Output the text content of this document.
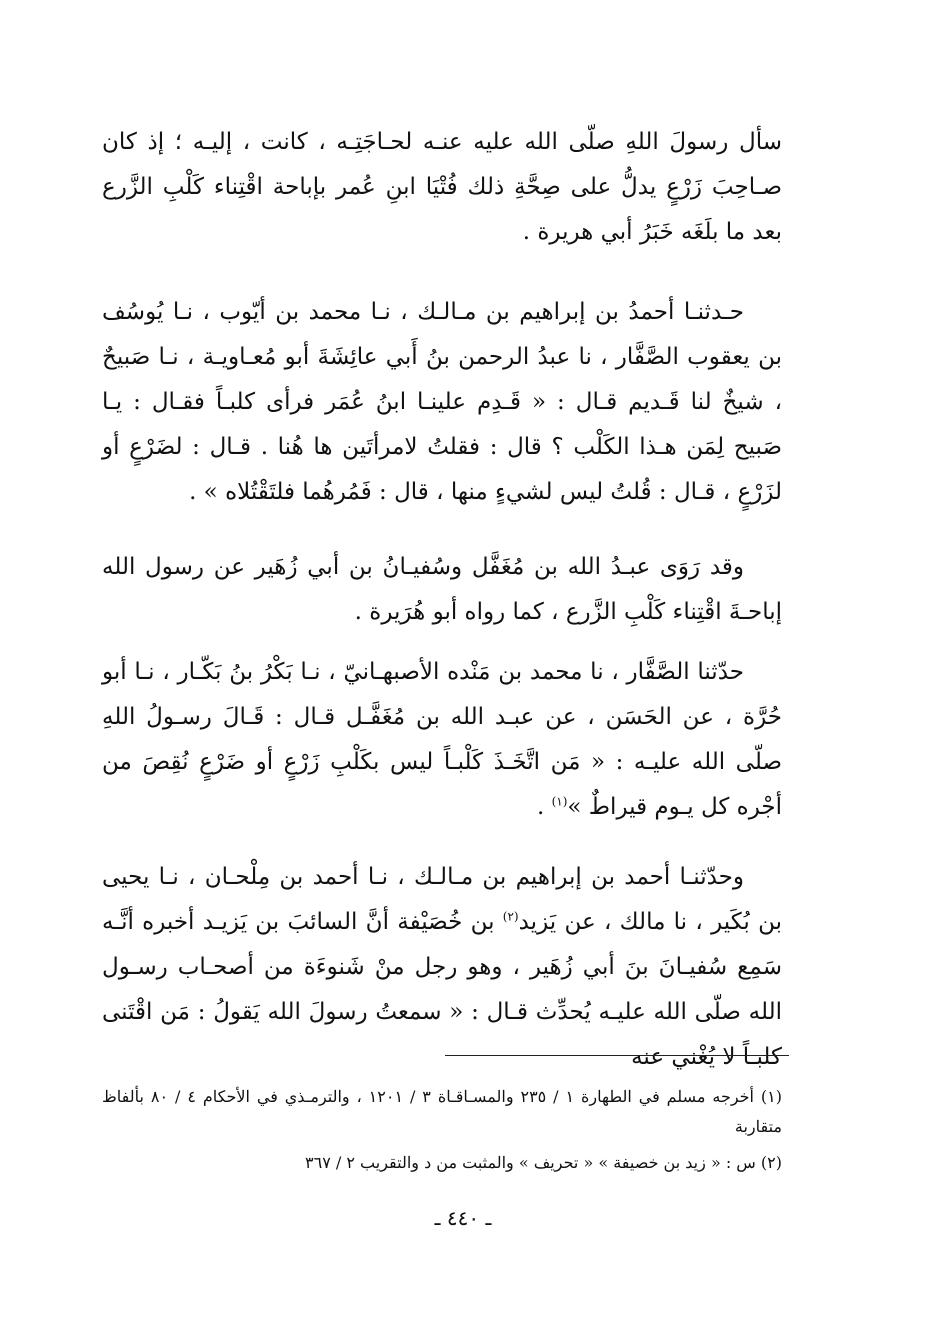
سأل رسولَ اللهِ صلّى الله عليه عنـه لحـاجَتِـه ، كانت ، إليـه ؛ إذ كان صـاحِبَ زَرْعٍ يدلُّ على صِحَّةِ ذلك فُتْيَا ابنِ عُمر بإباحة اقْتِناء كَلْبِ الزَّرع بعد ما بلَغَه خَبَرُ أبي هريرة .

حـدثنـا أحمدُ بن إبراهيم بن مـالـك ، نـا محمد بن أيّوب ، نـا يُوسُف بن يعقوب الصَّفَّار ، نا عبدُ الرحمن بنُ أَبي عائِشَةَ أبو مُعـاويـة ، نـا صَبيحٌ ، شيخٌ لنا قَـديم قـال : « قَـدِم علينـا ابنُ عُمَر فرأى كلبـاً فقـال : يـا صَبيح لِمَن هـذا الكَلْب ؟ قال : فقلتُ لامرأتَين ها هُنا . قـال : لضَرْعٍ أو لزَرْعٍ ، قـال : قُلتُ ليس لشيءٍ منها ، قال : فَمُرهُما فلتَقْتُلاه » .

وقد رَوَى عبـدُ الله بن مُغَفَّل وسُفيـانُ بن أبي زُهَير عن رسول الله إباحـةَ اقْتِناء كَلْبِ الزَّرع ، كما رواه أبو هُرَيرة .

حدّثنا الصَّفَّار ، نا محمد بن مَنْده الأصبهـانيّ ، نـا بَكْرُ بنُ بَكّـار ، نـا أبو حُرَّة ، عن الحَسَن ، عن عبـد الله بن مُغَفَّـل قـال : قَـالَ رسـولُ اللهِ صلّى الله عليـه : « مَن اتَّخَـذَ كَلْبـاً ليس بكَلْبِ زَرْعٍ أو ضَرْعٍ نُقِصَ من أجْره كل يـوم قيراطٌ »$^{(١)}$ .

وحدّثنـا أحمد بن إبراهيم بن مـالـك ، نـا أحمد بن مِلْحـان ، نـا يحيى بن بُكَير ، نا مالك ، عن يَزيد$^{(٢)}$ بن خُصَيْفة أنَّ السائبَ بن يَزيـد أخبره أنَّـه سَمِع سُفيـانَ بنَ أبي زُهَير ، وهو رجل منْ شَنوءَة من أصحـاب رسـول الله صلّى الله عليـه يُحدِّث قـال : « سمعتُ رسولَ الله يَقولُ : مَن اقْتَنى كلبـاً لا يُغْني عنه

(١) أخرجه مسلم في الطهارة ١ / ٢٣٥ والمسـاقـاة ٣ / ١٢٠١ ، والترمـذي في الأحكام ٤ / ٨٠ بألفاظ متقاربة

(٢) س : « زيد بن خصيفة » « تحريف » والمثبت من د والتقريب ٢ / ٣٦٧

ـ ٤٤٠ ـ
